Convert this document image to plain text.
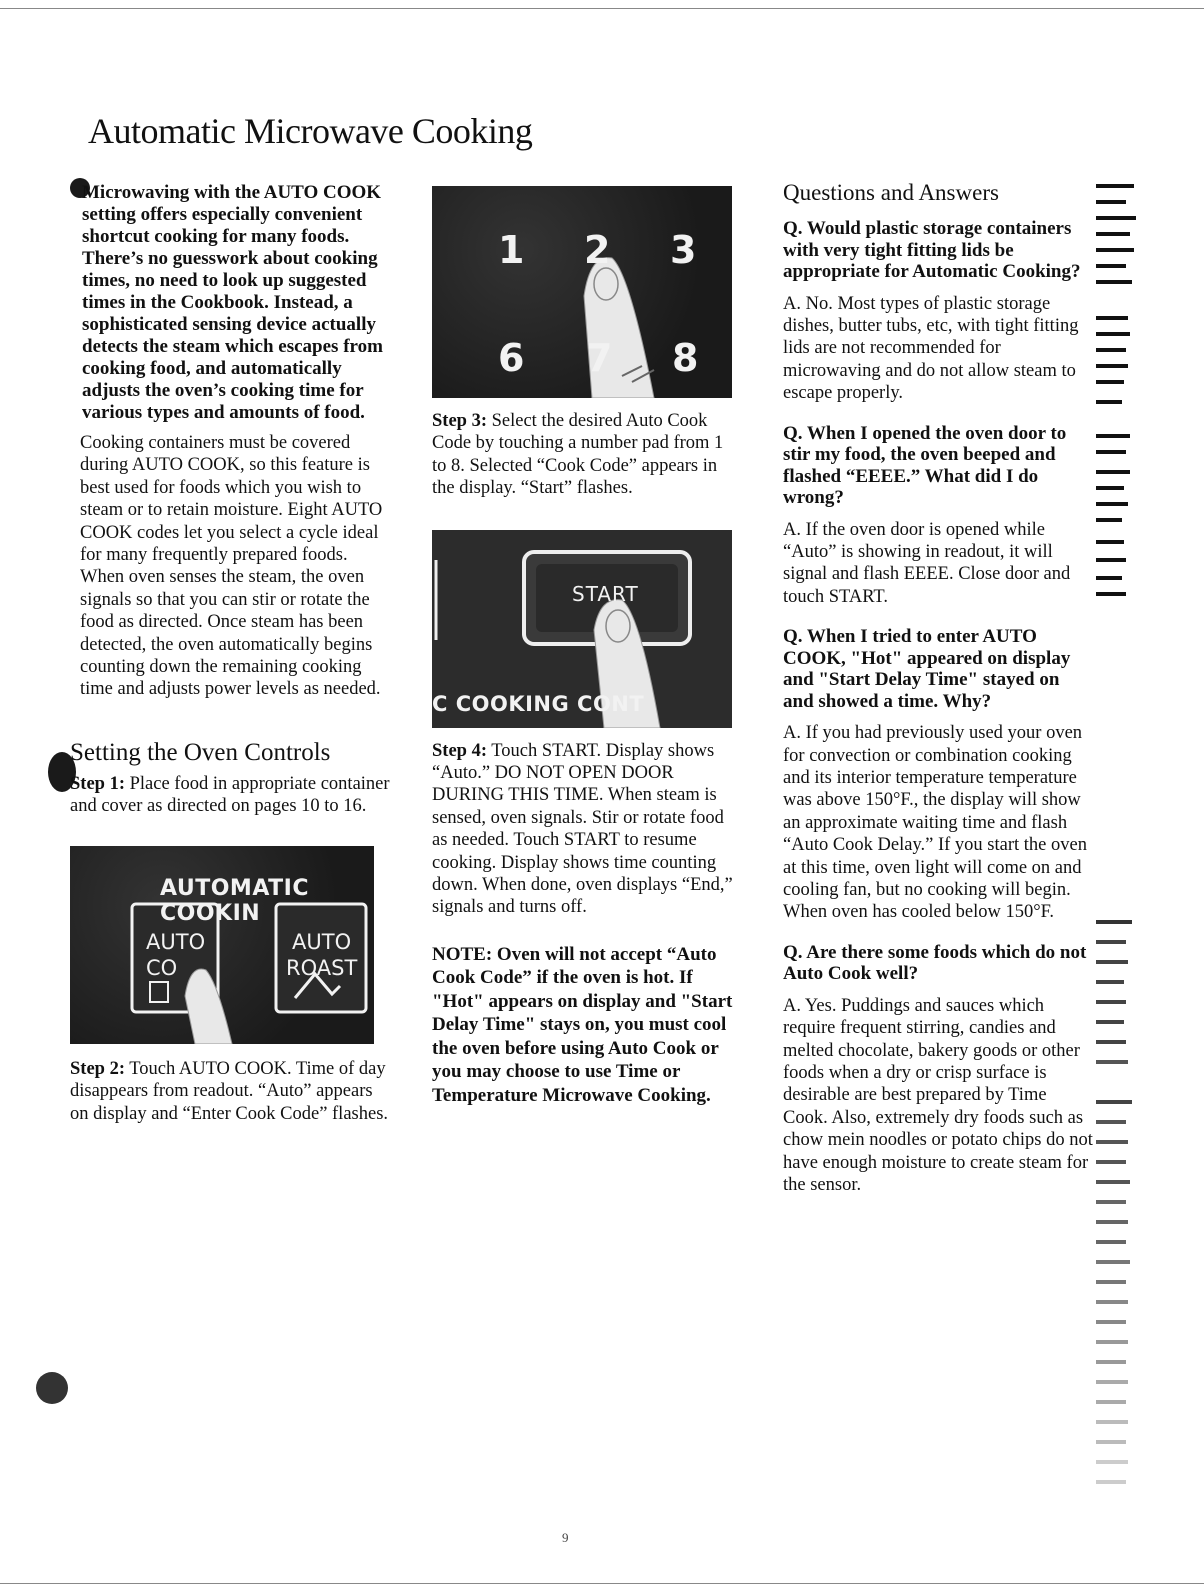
Automatic Microwave Cooking

Microwaving with the AUTO COOK setting offers especially convenient shortcut cooking for many foods. There’s no guesswork about cooking times, no need to look up suggested times in the Cookbook. Instead, a sophisticated sensing device actually detects the steam which escapes from cooking food, and automatically adjusts the oven’s cooking time for various types and amounts of food.

Cooking containers must be covered during AUTO COOK, so this feature is best used for foods which you wish to steam or to retain moisture. Eight AUTO COOK codes let you select a cycle ideal for many frequently prepared foods. When oven senses the steam, the oven signals so that you can stir or rotate the food as directed. Once steam has been detected, the oven automatically begins counting down the remaining cooking time and adjusts power levels as needed.

Setting the Oven Controls

Step 1: Place food in appropriate container and cover as directed on pages 10 to 16.

AUTOMATIC COOKIN
AUTO
CO
AUTO
ROAST

Step 2: Touch AUTO COOK. Time of day disappears from readout. “Auto” appears on display and “Enter Cook Code” flashes.

1 2 3
6 7 8

Step 3: Select the desired Auto Cook Code by touching a number pad from 1 to 8. Selected “Cook Code” appears in the display. “Start” flashes.

START
C COOKING CONT

Step 4: Touch START. Display shows “Auto.” DO NOT OPEN DOOR DURING THIS TIME. When steam is sensed, oven signals. Stir or rotate food as needed. Touch START to resume cooking. Display shows time counting down. When done, oven displays “End,” signals and turns off.

NOTE: Oven will not accept “Auto Cook Code” if the oven is hot. If "Hot" appears on display and "Start Delay Time" stays on, you must cool the oven before using Auto Cook or you may choose to use Time or Temperature Microwave Cooking.

Questions and Answers

Q. Would plastic storage containers with very tight fitting lids be appropriate for Automatic Cooking?

A. No. Most types of plastic storage dishes, butter tubs, etc, with tight fitting lids are not recommended for microwaving and do not allow steam to escape properly.

Q. When I opened the oven door to stir my food, the oven beeped and flashed “EEEE.” What did I do wrong?

A. If the oven door is opened while “Auto” is showing in readout, it will signal and flash EEEE. Close door and touch START.

Q. When I tried to enter AUTO COOK, "Hot" appeared on display and "Start Delay Time" stayed on and showed a time. Why?

A. If you had previously used your oven for convection or combination cooking and its interior temperature temperature was above 150°F., the display will show an approximate waiting time and flash “Auto Cook Delay.” If you start the oven at this time, oven light will come on and cooling fan, but no cooking will begin. When oven has cooled below 150°F.

Q. Are there some foods which do not Auto Cook well?

A. Yes. Puddings and sauces which require frequent stirring, candies and melted chocolate, bakery goods or other foods when a dry or crisp surface is desirable are best prepared by Time Cook. Also, extremely dry foods such as chow mein noodles or potato chips do not have enough moisture to create steam for the sensor.

9
